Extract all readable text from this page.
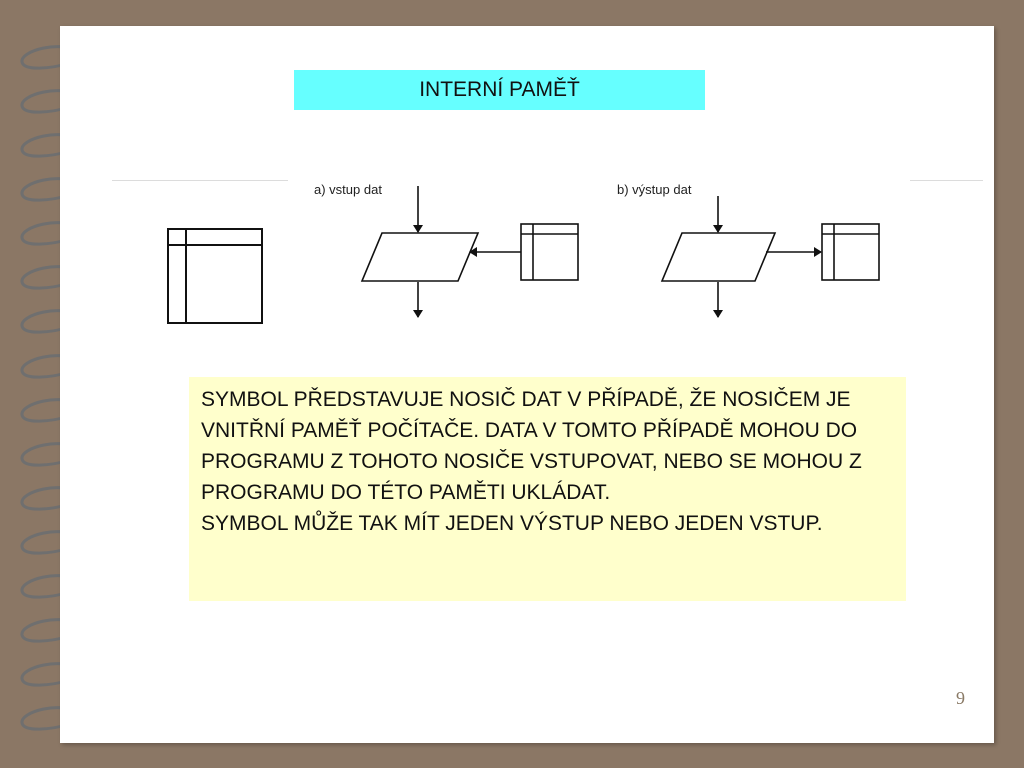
INTERNÍ PAMĚŤ
a) vstup dat	b) výstup dat

SYMBOL PŘEDSTAVUJE NOSIČ DAT V PŘÍPADĚ, ŽE NOSIČEM JE VNITŘNÍ PAMĚŤ POČÍTAČE. DATA V TOMTO PŘÍPADĚ MOHOU DO PROGRAMU Z TOHOTO NOSIČE VSTUPOVAT, NEBO SE MOHOU Z PROGRAMU DO TÉTO PAMĚTI UKLÁDAT.

SYMBOL MŮŽE TAK MÍT JEDEN VÝSTUP NEBO JEDEN VSTUP.

9
